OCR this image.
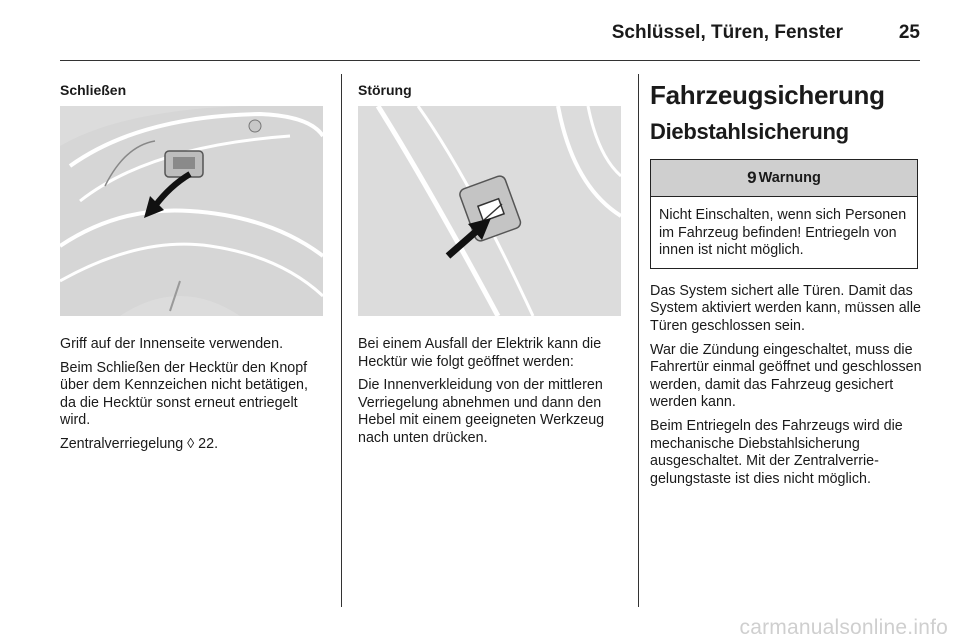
Schlüssel, Türen, Fenster	25
Schließen

Griff auf der Innenseite verwenden.

Beim Schließen der Hecktür den Knopf über dem Kennzeichen nicht betätigen, da die Hecktür sonst erneut entriegelt wird.

Zentralverriegelung ◊ 22.

Störung

Bei einem Ausfall der Elektrik kann die Hecktür wie folgt geöffnet werden:

Die Innenverkleidung von der mittleren Verriegelung abnehmen und dann den Hebel mit einem geeigneten Werkzeug nach unten drücken.

Fahrzeugsicherung
Diebstahlsicherung
9 Warnung
Nicht Einschalten, wenn sich Personen im Fahrzeug befinden! Entriegeln von innen ist nicht möglich.

Das System sichert alle Türen. Damit das System aktiviert werden kann, müssen alle Türen geschlossen sein.

War die Zündung eingeschaltet, muss die Fahrertür einmal geöffnet und geschlossen werden, damit das Fahrzeug gesichert werden kann.

Beim Entriegeln des Fahrzeugs wird die mechanische Diebstahlsicherung ausgeschaltet. Mit der Zentralverriegelungstaste ist dies nicht möglich.

carmanualsonline.info
